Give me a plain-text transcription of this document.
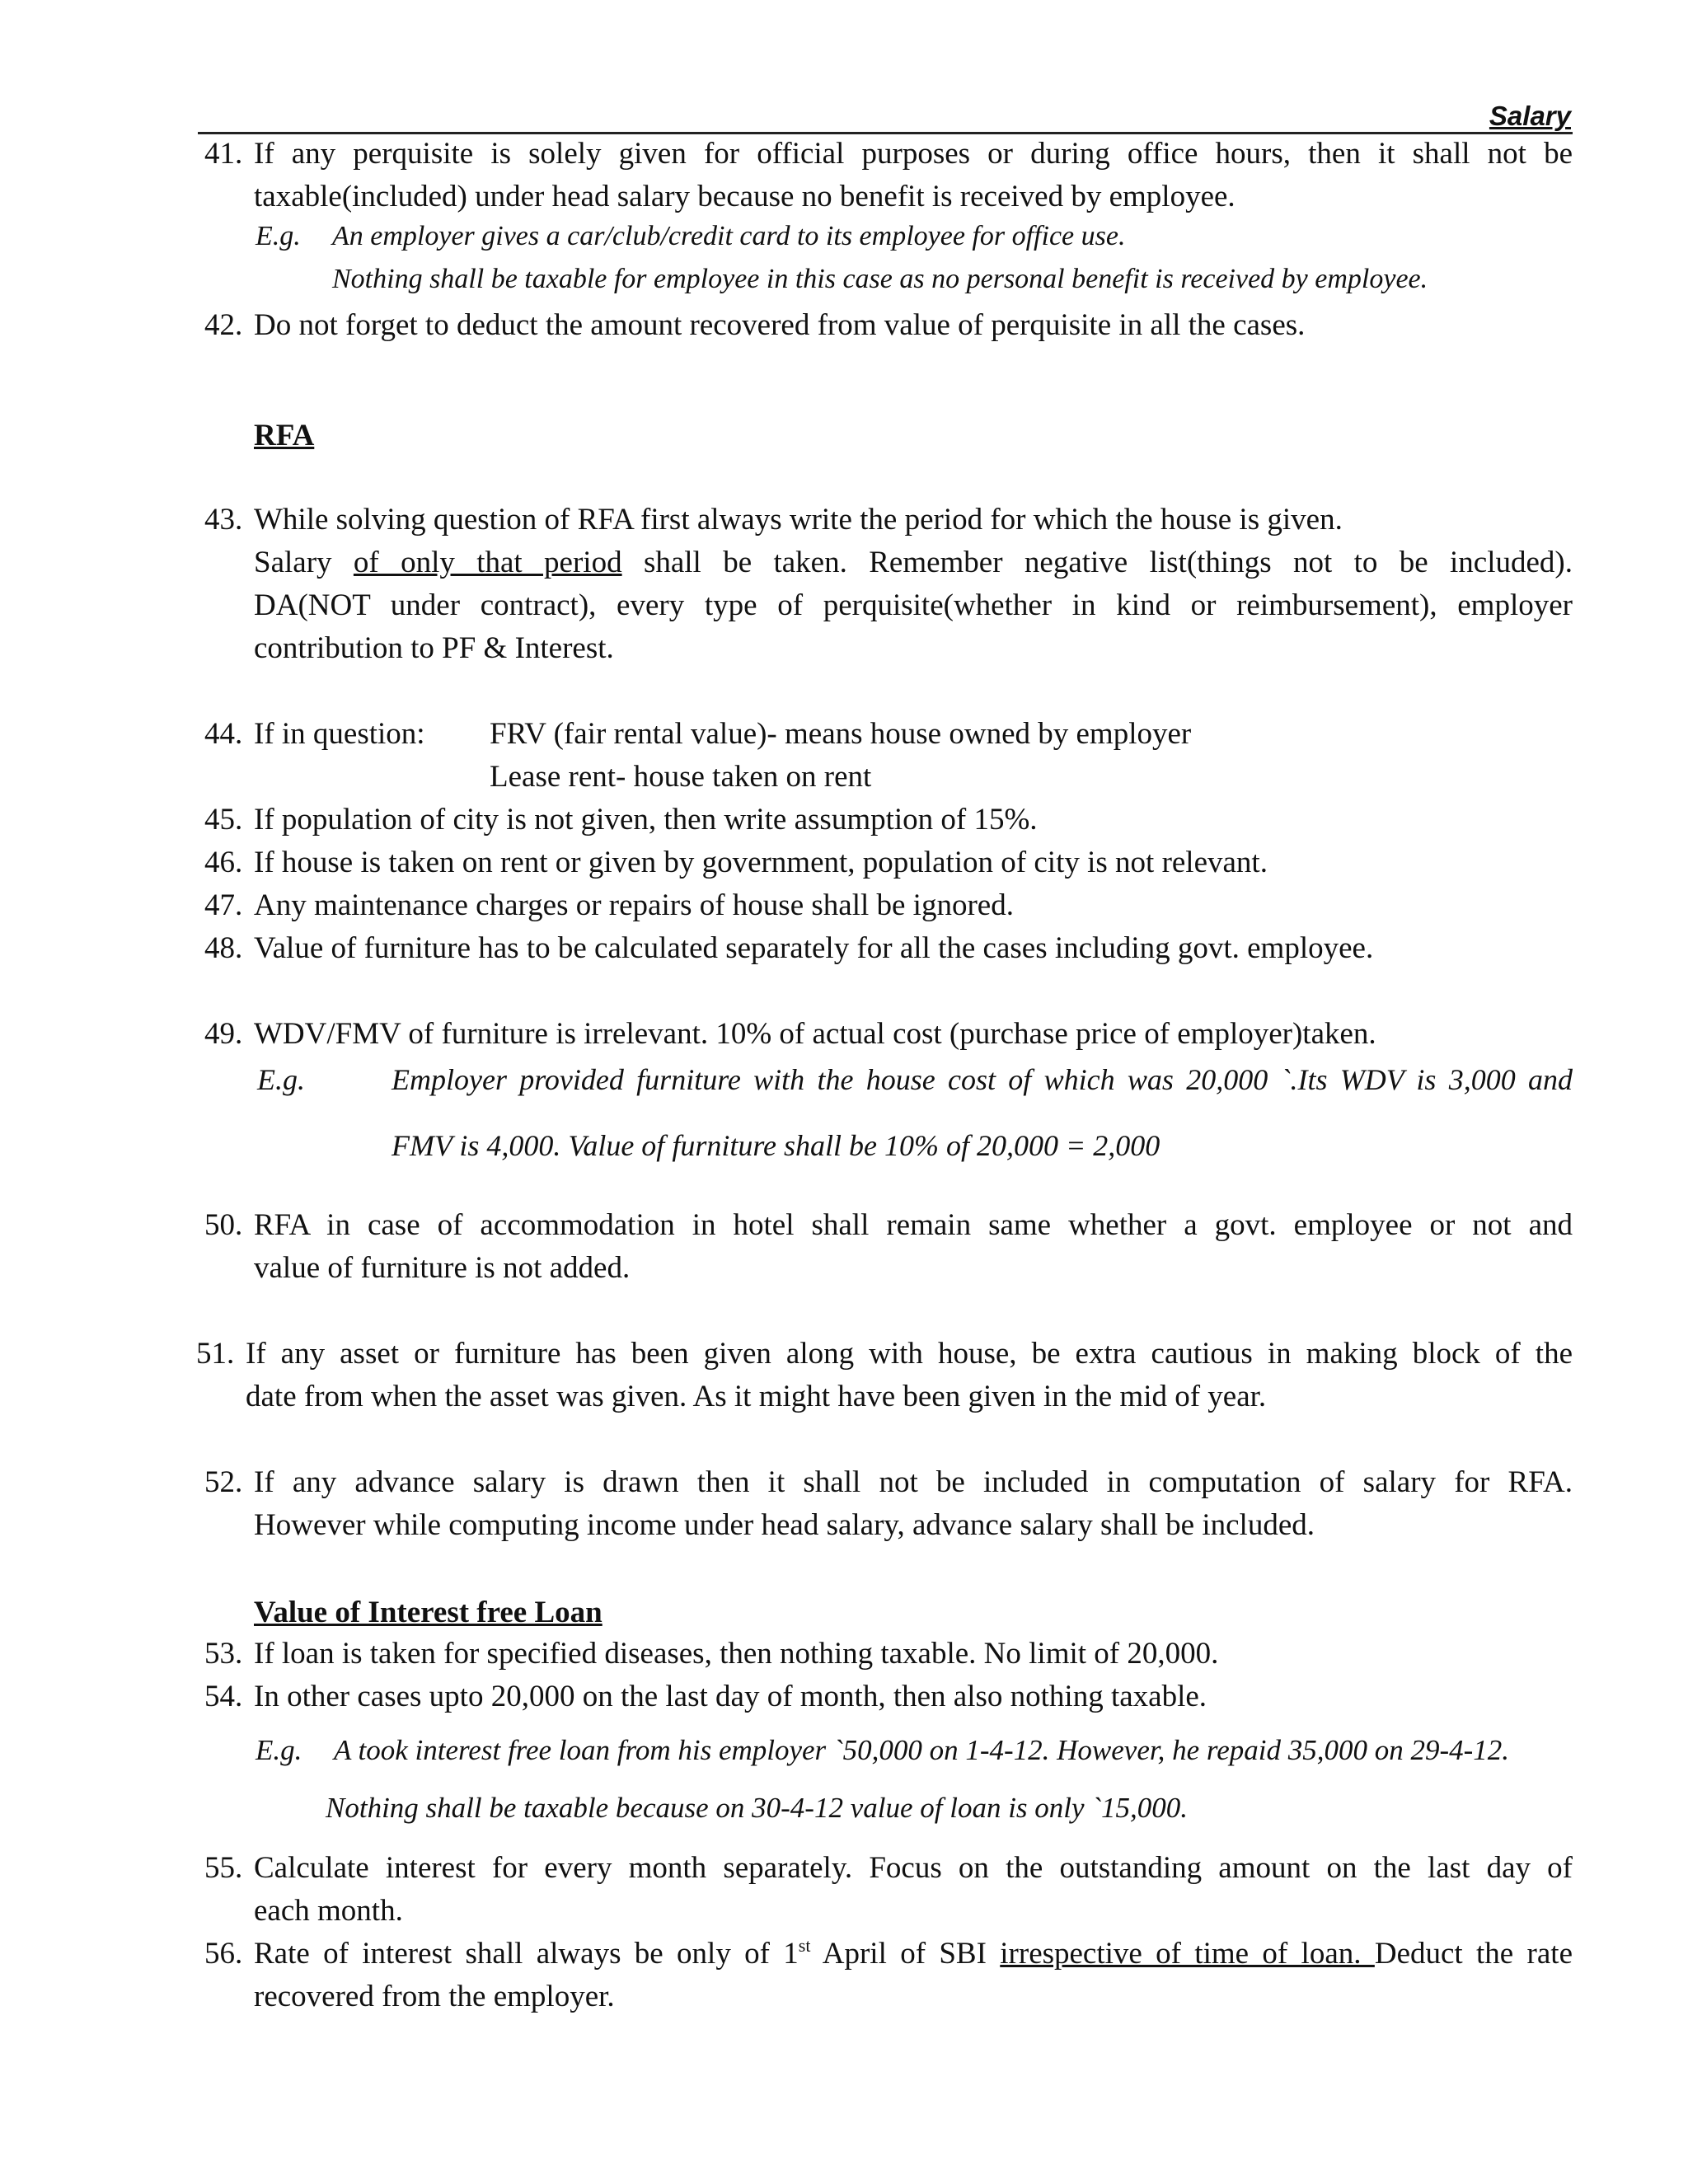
Salary
41. If any perquisite is solely given for official purposes or during office hours, then it shall not be
taxable(included) under head salary because no benefit is received by employee.
E.g. An employer gives a car/club/credit card to its employee for office use.
Nothing shall be taxable for employee in this case as no personal benefit is received by employee.
42. Do not forget to deduct the amount recovered from value of perquisite in all the cases.
RFA
43. While solving question of RFA first always write the period for which the house is given.
Salary of only that period shall be taken. Remember negative list(things not to be included).
DA(NOT under contract), every type of perquisite(whether in kind or reimbursement), employer
contribution to PF & Interest.
44. If in question: FRV (fair rental value)- means house owned by employer
Lease rent- house taken on rent
45. If population of city is not given, then write assumption of 15%.
46. If house is taken on rent or given by government, population of city is not relevant.
47. Any maintenance charges or repairs of house shall be ignored.
48. Value of furniture has to be calculated separately for all the cases including govt. employee.
49. WDV/FMV of furniture is irrelevant. 10% of actual cost (purchase price of employer)taken.
E.g.	Employer provided furniture with the house cost of which was 20,000 `.Its WDV is 3,000 and
FMV is 4,000. Value of furniture shall be 10% of 20,000 = 2,000
50. RFA in case of accommodation in hotel shall remain same whether a govt. employee or not and
value of furniture is not added.
51. If any asset or furniture has been given along with house, be extra cautious in making block of the
date from when the asset was given. As it might have been given in the mid of year.
52. If any advance salary is drawn then it shall not be included in computation of salary for RFA.
However while computing income under head salary, advance salary shall be included.
Value of Interest free Loan
53. If loan is taken for specified diseases, then nothing taxable. No limit of 20,000.
54. In other cases upto 20,000 on the last day of month, then also nothing taxable.
E.g. A took interest free loan from his employer `50,000 on 1-4-12. However, he repaid 35,000 on 29-4-12.
Nothing shall be taxable because on 30-4-12 value of loan is only `15,000.
55. Calculate interest for every month separately. Focus on the outstanding amount on the last day of
each month.
56. Rate of interest shall always be only of 1st April of SBI irrespective of time of loan. Deduct the rate
recovered from the employer.
